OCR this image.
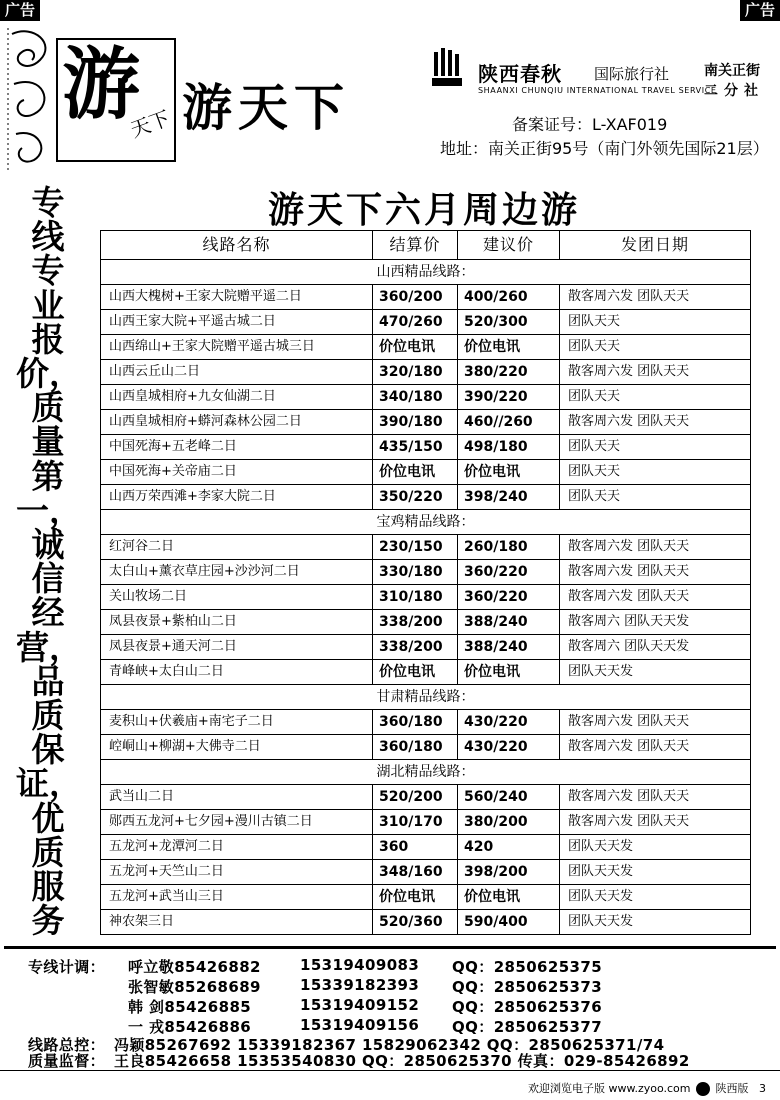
广告	广告
游
天下 游天下
陕西春秋 国际旅行社
SHAANXI CHUNQIU INTERNATIONAL TRAVEL SERVICE
南关正街
二分社
备案证号：L-XAF019
地址：南关正街95号（南门外领先国际21层）
专线专业报价，
质量第一，
诚信经营，
品质保证，
优质服务
游天下六月周边游
线路名称	结算价	建议价	发团日期
山西精品线路：			
山西大槐树+王家大院赠平遥二日	360/200	400/260	散客周六发 团队天天
山西王家大院+平遥古城二日	470/260	520/300	团队天天
山西绵山+王家大院赠平遥古城三日	价位电讯	价位电讯	团队天天
山西云丘山二日	320/180	380/220	散客周六发 团队天天
山西皇城相府+九女仙湖二日	340/180	390/220	团队天天
山西皇城相府+蟒河森林公园二日	390/180	460//260	散客周六发 团队天天
中国死海+五老峰二日	435/150	498/180	团队天天
中国死海+关帝庙二日	价位电讯	价位电讯	团队天天
山西万荣西滩+李家大院二日	350/220	398/240	团队天天
宝鸡精品线路：			
红河谷二日	230/150	260/180	散客周六发 团队天天
太白山+薰衣草庄园+沙沙河二日	330/180	360/220	散客周六发 团队天天
关山牧场二日	310/180	360/220	散客周六发 团队天天
凤县夜景+紫柏山二日	338/200	388/240	散客周六 团队天天发
凤县夜景+通天河二日	338/200	388/240	散客周六 团队天天发
青峰峡+太白山二日	价位电讯	价位电讯	团队天天发
甘肃精品线路：			
麦积山+伏羲庙+南宅子二日	360/180	430/220	散客周六发 团队天天
崆峒山+柳湖+大佛寺二日	360/180	430/220	散客周六发 团队天天
湖北精品线路：			
武当山二日	520/200	560/240	散客周六发 团队天天
郧西五龙河+七夕园+漫川古镇二日	310/170	380/200	散客周六发 团队天天
五龙河+龙潭河二日	360	420	团队天天发
五龙河+天竺山二日	348/160	398/200	团队天天发
五龙河+武当山三日	价位电讯	价位电讯	团队天天发
神农架三日	520/360	590/400	团队天天发
专线计调： 呼立敬85426882	15319409083 QQ：2850625375
张智敏85268689	15339182393 QQ：2850625373
韩 剑85426885	15319409152 QQ：2850625376
一 戎85426886	15319409156 QQ：2850625377
线路总控： 冯颖85267692 15339182367 15829062342 QQ：2850625371/74
质量监督： 王良85426658 15353540830 QQ：2850625370 传真：029-85426892
欢迎浏览电子版 www.zyoo.com 陕西版 3
